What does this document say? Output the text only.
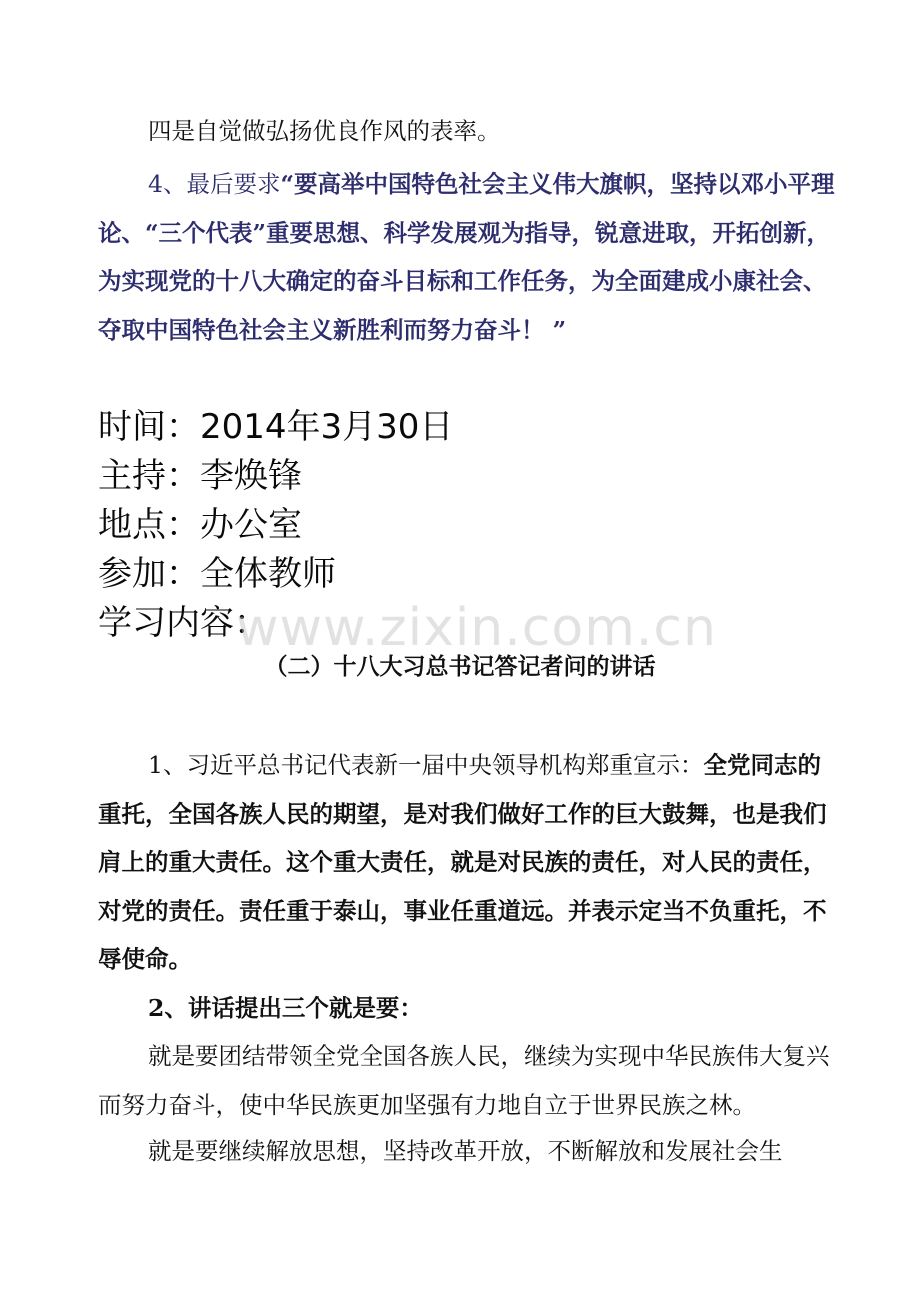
四是自觉做弘扬优良作风的表率。
4、最后要求“要高举中国特色社会主义伟大旗帜，坚持以邓小平理论、“三个代表”重要思想、科学发展观为指导，锐意进取，开拓创新，为实现党的十八大确定的奋斗目标和工作任务，为全面建成小康社会、夺取中国特色社会主义新胜利而努力奋斗！ ”
时间：2014年3月30日
主持：李焕锋
地点：办公室
参加：全体教师
学习内容：
www.zixin.com.cn
（二）十八大习总书记答记者问的讲话
1、习近平总书记代表新一届中央领导机构郑重宣示：全党同志的重托，全国各族人民的期望，是对我们做好工作的巨大鼓舞，也是我们肩上的重大责任。这个重大责任，就是对民族的责任，对人民的责任，对党的责任。责任重于泰山，事业任重道远。并表示定当不负重托，不辱使命。
2、讲话提出三个就是要：
就是要团结带领全党全国各族人民，继续为实现中华民族伟大复兴而努力奋斗，使中华民族更加坚强有力地自立于世界民族之林。
就是要继续解放思想，坚持改革开放，不断解放和发展社会生
